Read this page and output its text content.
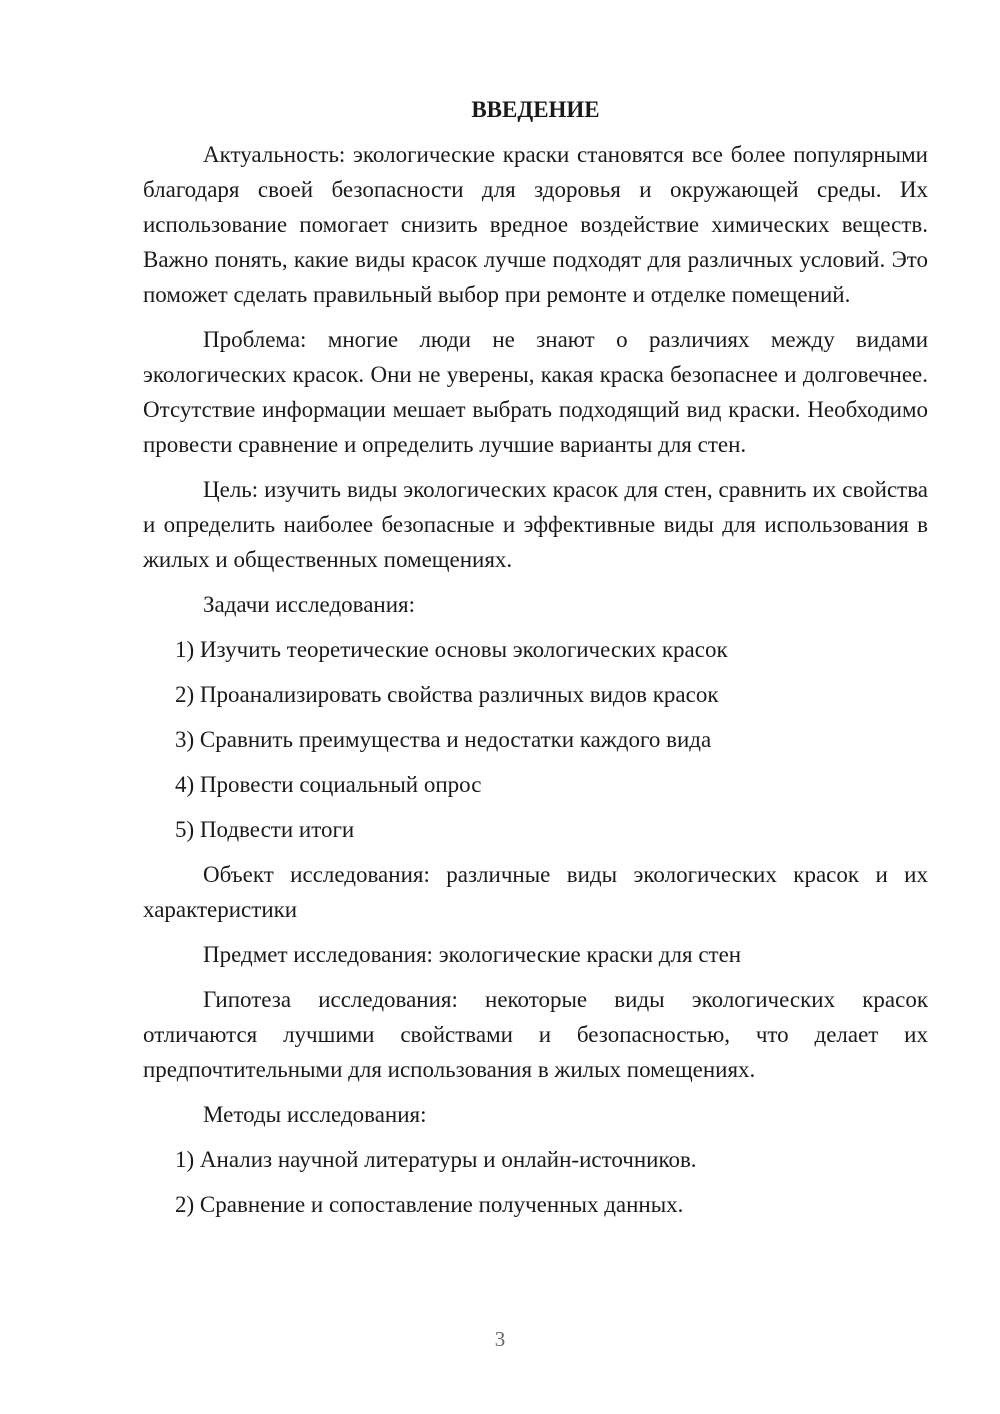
ВВЕДЕНИЕ

Актуальность: экологические краски становятся все более популярными благодаря своей безопасности для здоровья и окружающей среды. Их использование помогает снизить вредное воздействие химических веществ. Важно понять, какие виды красок лучше подходят для различных условий. Это поможет сделать правильный выбор при ремонте и отделке помещений.

Проблема: многие люди не знают о различиях между видами экологических красок. Они не уверены, какая краска безопаснее и долговечнее. Отсутствие информации мешает выбрать подходящий вид краски. Необходимо провести сравнение и определить лучшие варианты для стен.

Цель: изучить виды экологических красок для стен, сравнить их свойства и определить наиболее безопасные и эффективные виды для использования в жилых и общественных помещениях.

Задачи исследования:

1) Изучить теоретические основы экологических красок

2) Проанализировать свойства различных видов красок

3) Сравнить преимущества и недостатки каждого вида

4) Провести социальный опрос

5) Подвести итоги

Объект исследования: различные виды экологических красок и их характеристики

Предмет исследования: экологические краски для стен

Гипотеза исследования: некоторые виды экологических красок отличаются лучшими свойствами и безопасностью, что делает их предпочтительными для использования в жилых помещениях.

Методы исследования:

1) Анализ научной литературы и онлайн-источников.

2) Сравнение и сопоставление полученных данных.

3
